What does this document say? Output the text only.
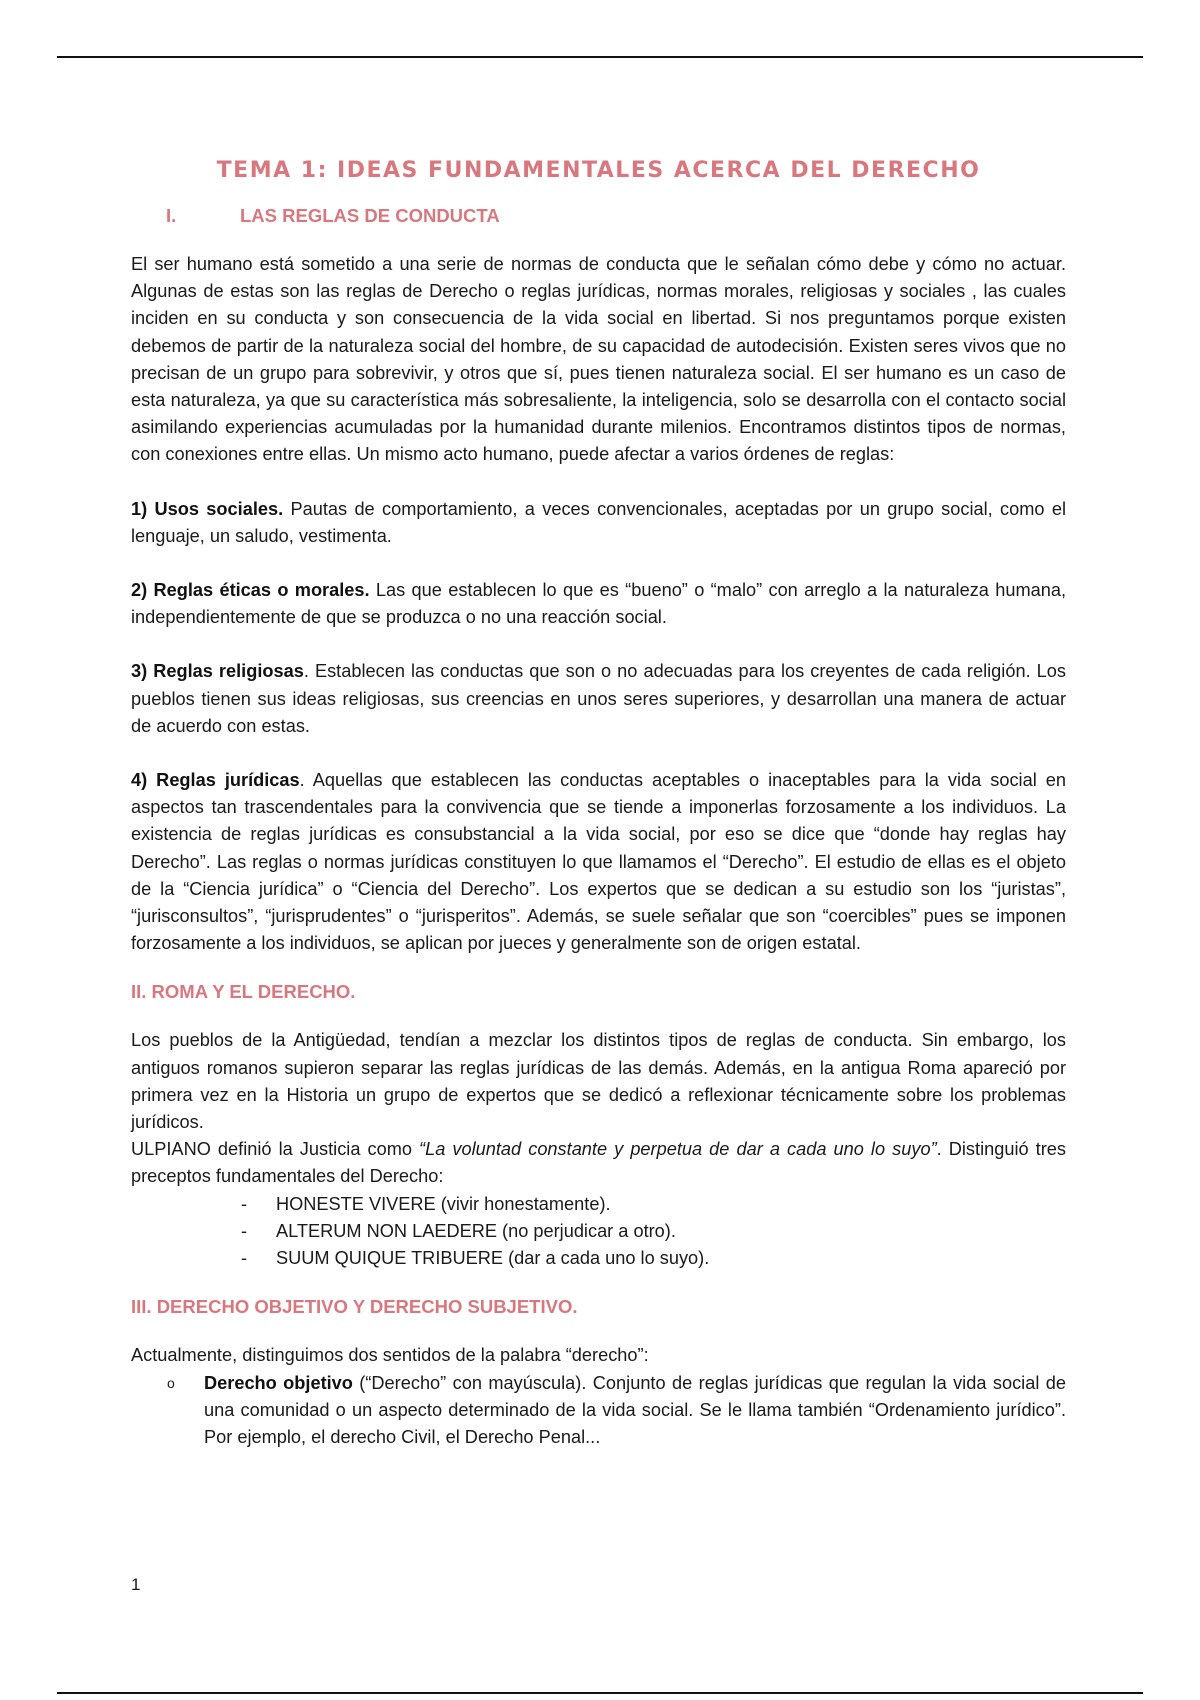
TEMA 1: IDEAS FUNDAMENTALES ACERCA DEL DERECHO
I.	LAS REGLAS DE CONDUCTA

El ser humano está sometido a una serie de normas de conducta que le señalan cómo debe y cómo no actuar. Algunas de estas son las reglas de Derecho o reglas jurídicas, normas morales, religiosas y sociales , las cuales inciden en su conducta y son consecuencia de la vida social en libertad. Si nos preguntamos porque existen debemos de partir de la naturaleza social del hombre, de su capacidad de autodecisión. Existen seres vivos que no precisan de un grupo para sobrevivir, y otros que sí, pues tienen naturaleza social. El ser humano es un caso de esta naturaleza, ya que su característica más sobresaliente, la inteligencia, solo se desarrolla con el contacto social asimilando experiencias acumuladas por la humanidad durante milenios. Encontramos distintos tipos de normas, con conexiones entre ellas. Un mismo acto humano, puede afectar a varios órdenes de reglas:

1) Usos sociales. Pautas de comportamiento, a veces convencionales, aceptadas por un grupo social, como el lenguaje, un saludo, vestimenta.

2) Reglas éticas o morales. Las que establecen lo que es “bueno” o “malo” con arreglo a la naturaleza humana, independientemente de que se produzca o no una reacción social.

3) Reglas religiosas. Establecen las conductas que son o no adecuadas para los creyentes de cada religión. Los pueblos tienen sus ideas religiosas, sus creencias en unos seres superiores, y desarrollan una manera de actuar de acuerdo con estas.

4) Reglas jurídicas. Aquellas que establecen las conductas aceptables o inaceptables para la vida social en aspectos tan trascendentales para la convivencia que se tiende a imponerlas forzosamente a los individuos. La existencia de reglas jurídicas es consubstancial a la vida social, por eso se dice que “donde hay reglas hay Derecho”. Las reglas o normas jurídicas constituyen lo que llamamos el “Derecho”. El estudio de ellas es el objeto de la “Ciencia jurídica” o “Ciencia del Derecho”. Los expertos que se dedican a su estudio son los “juristas”, “jurisconsultos”, “jurisprudentes” o “jurisperitos”. Además, se suele señalar que son “coercibles” pues se imponen forzosamente a los individuos, se aplican por jueces y generalmente son de origen estatal.

II. ROMA Y EL DERECHO.

Los pueblos de la Antigüedad, tendían a mezclar los distintos tipos de reglas de conducta. Sin embargo, los antiguos romanos supieron separar las reglas jurídicas de las demás. Además, en la antigua Roma apareció por primera vez en la Historia un grupo de expertos que se dedicó a reflexionar técnicamente sobre los problemas jurídicos.

ULPIANO definió la Justicia como “La voluntad constante y perpetua de dar a cada uno lo suyo”. Distinguió tres preceptos fundamentales del Derecho:

- HONESTE VIVERE (vivir honestamente).
- ALTERUM NON LAEDERE (no perjudicar a otro).
- SUUM QUIQUE TRIBUERE (dar a cada uno lo suyo).
III. DERECHO OBJETIVO Y DERECHO SUBJETIVO.

Actualmente, distinguimos dos sentidos de la palabra “derecho”:

o	Derecho objetivo (“Derecho” con mayúscula). Conjunto de reglas jurídicas que regulan la vida social de una comunidad o un aspecto determinado de la vida social. Se le llama también “Ordenamiento jurídico”. Por ejemplo, el derecho Civil, el Derecho Penal...
1
